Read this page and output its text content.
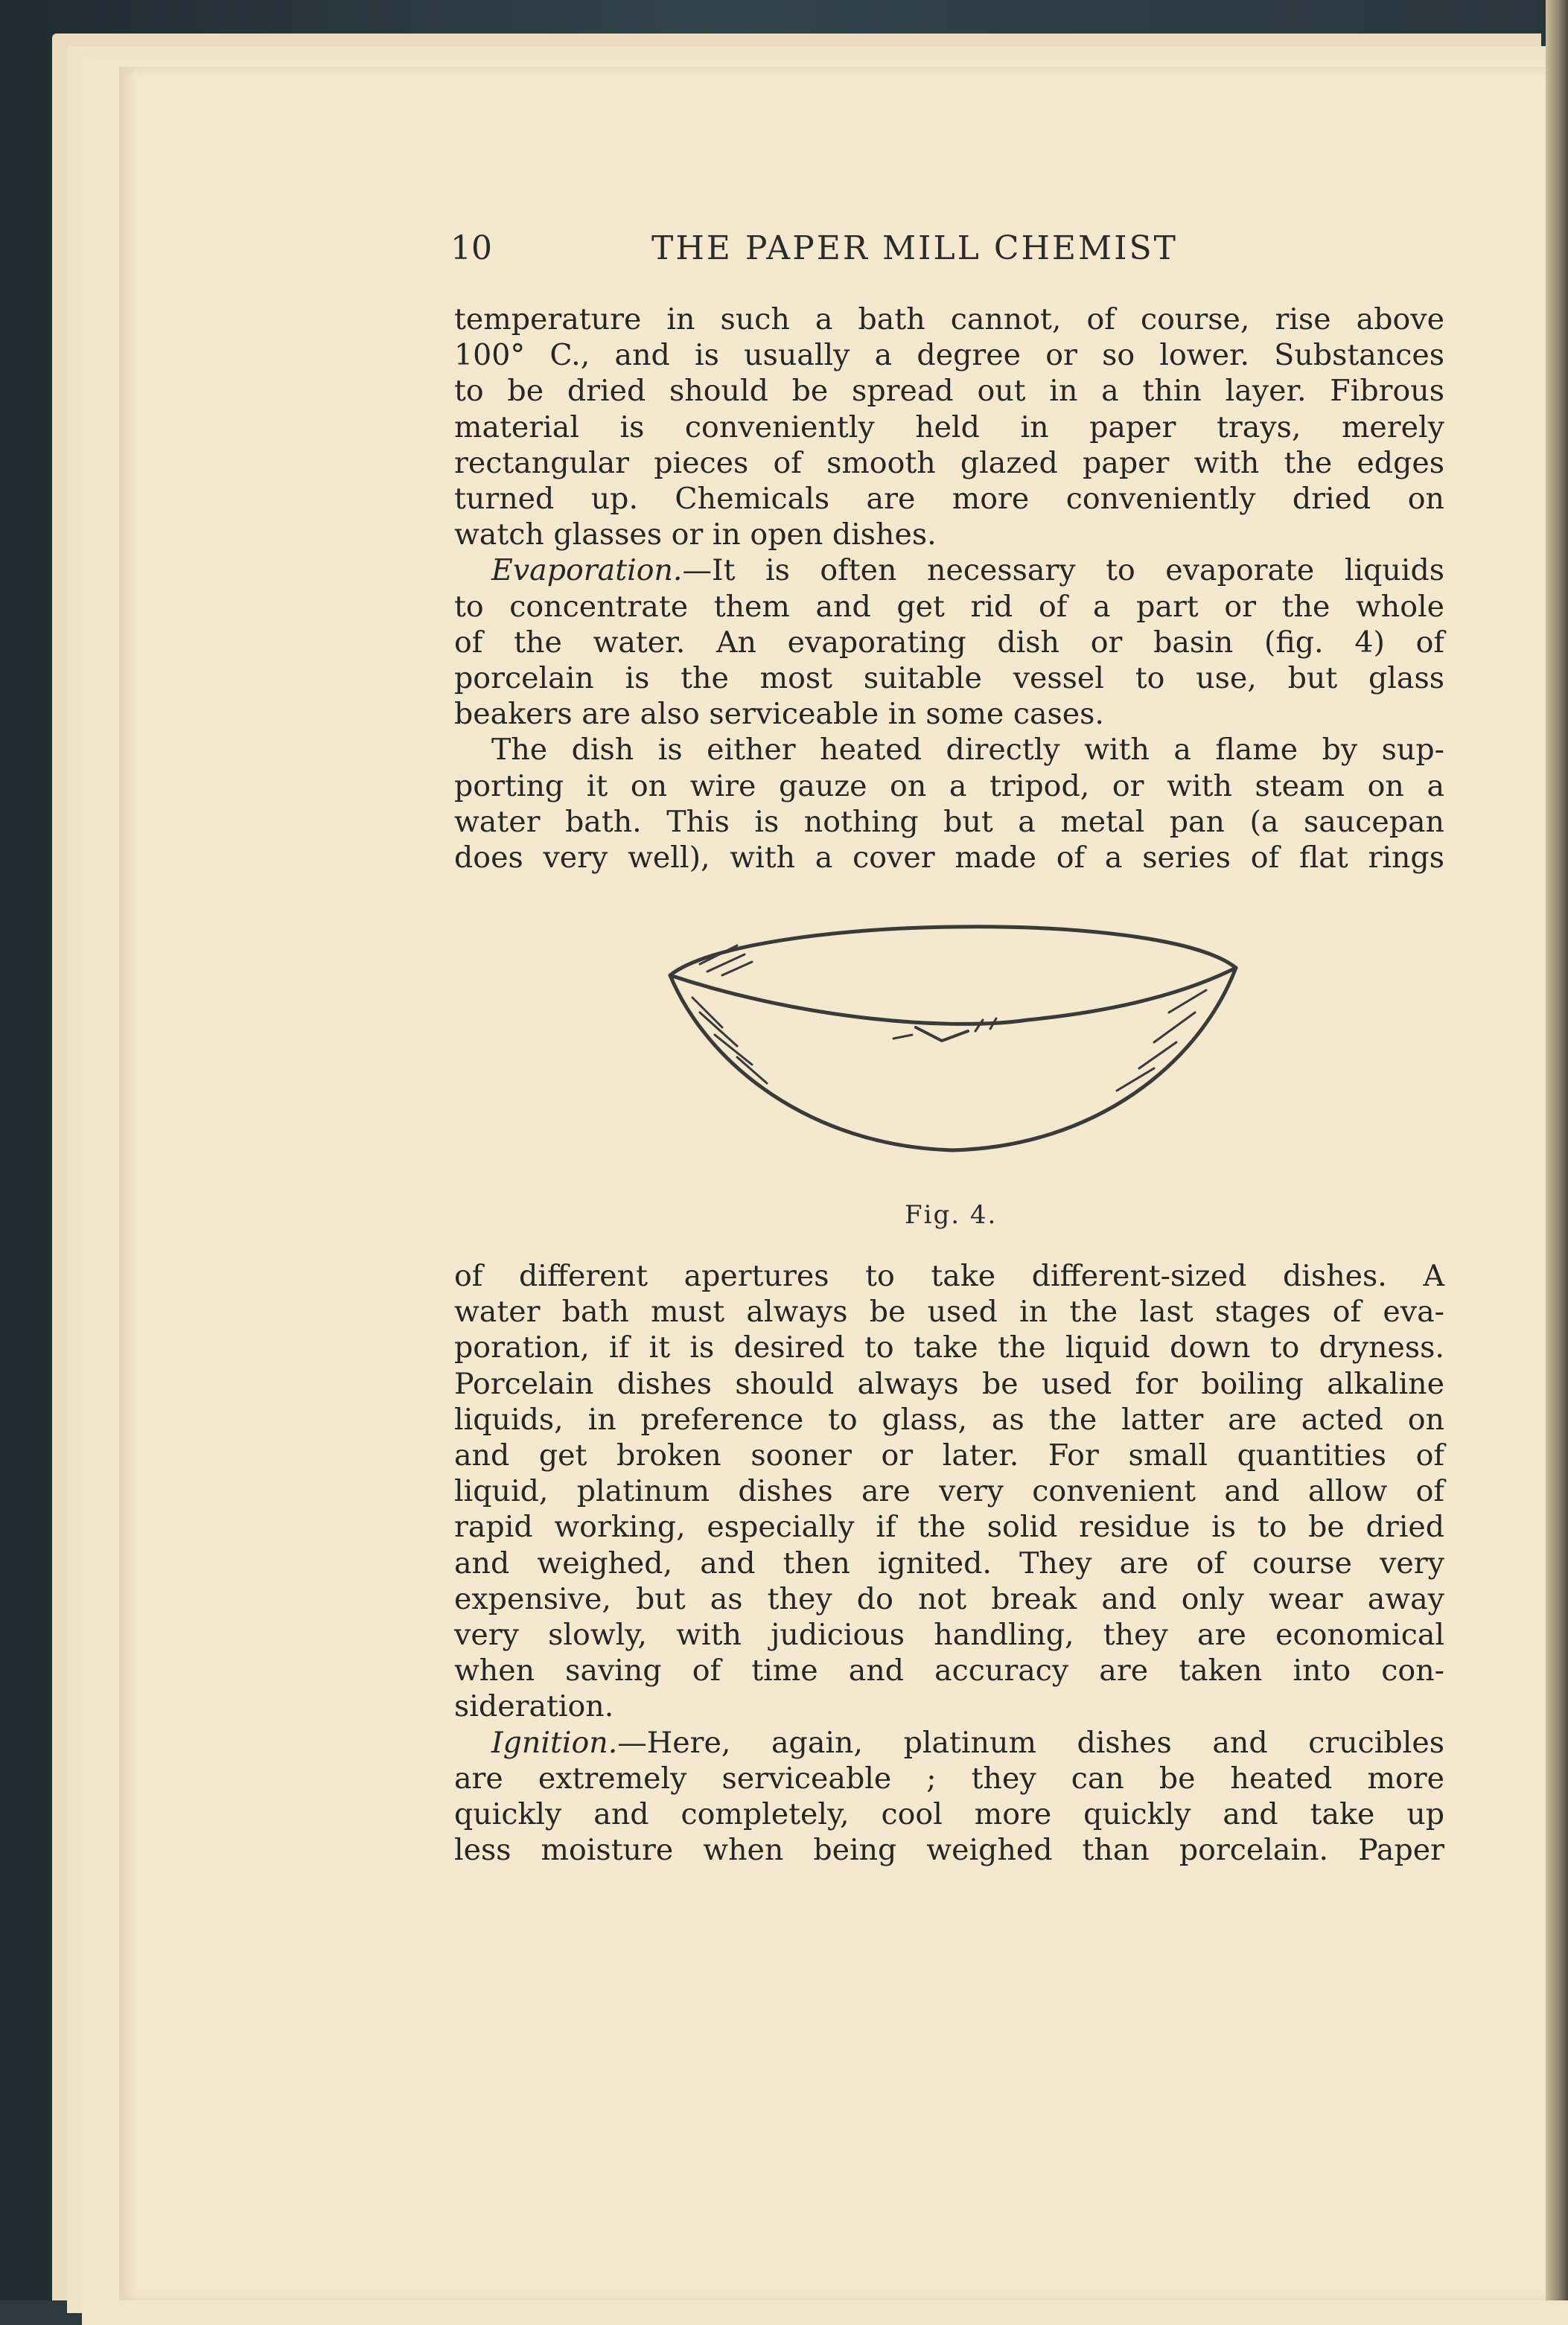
10	THE PAPER MILL CHEMIST
temperature in such a bath cannot, of course, rise above
100° C., and is usually a degree or so lower. Substances
to be dried should be spread out in a thin layer. Fibrous
material is conveniently held in paper trays, merely
rectangular pieces of smooth glazed paper with the edges
turned up. Chemicals are more conveniently dried on
watch glasses or in open dishes.
Evaporation.—It is often necessary to evaporate liquids
to concentrate them and get rid of a part or the whole
of the water. An evaporating dish or basin (fig. 4) of
porcelain is the most suitable vessel to use, but glass
beakers are also serviceable in some cases.
The dish is either heated directly with a flame by sup-
porting it on wire gauze on a tripod, or with steam on a
water bath. This is nothing but a metal pan (a saucepan
does very well), with a cover made of a series of flat rings
Fig. 4.
of different apertures to take different-sized dishes. A
water bath must always be used in the last stages of eva-
poration, if it is desired to take the liquid down to dryness.
Porcelain dishes should always be used for boiling alkaline
liquids, in preference to glass, as the latter are acted on
and get broken sooner or later. For small quantities of
liquid, platinum dishes are very convenient and allow of
rapid working, especially if the solid residue is to be dried
and weighed, and then ignited. They are of course very
expensive, but as they do not break and only wear away
very slowly, with judicious handling, they are economical
when saving of time and accuracy are taken into con-
sideration.
Ignition.—Here, again, platinum dishes and crucibles
are extremely serviceable ; they can be heated more
quickly and completely, cool more quickly and take up
less moisture when being weighed than porcelain. Paper
